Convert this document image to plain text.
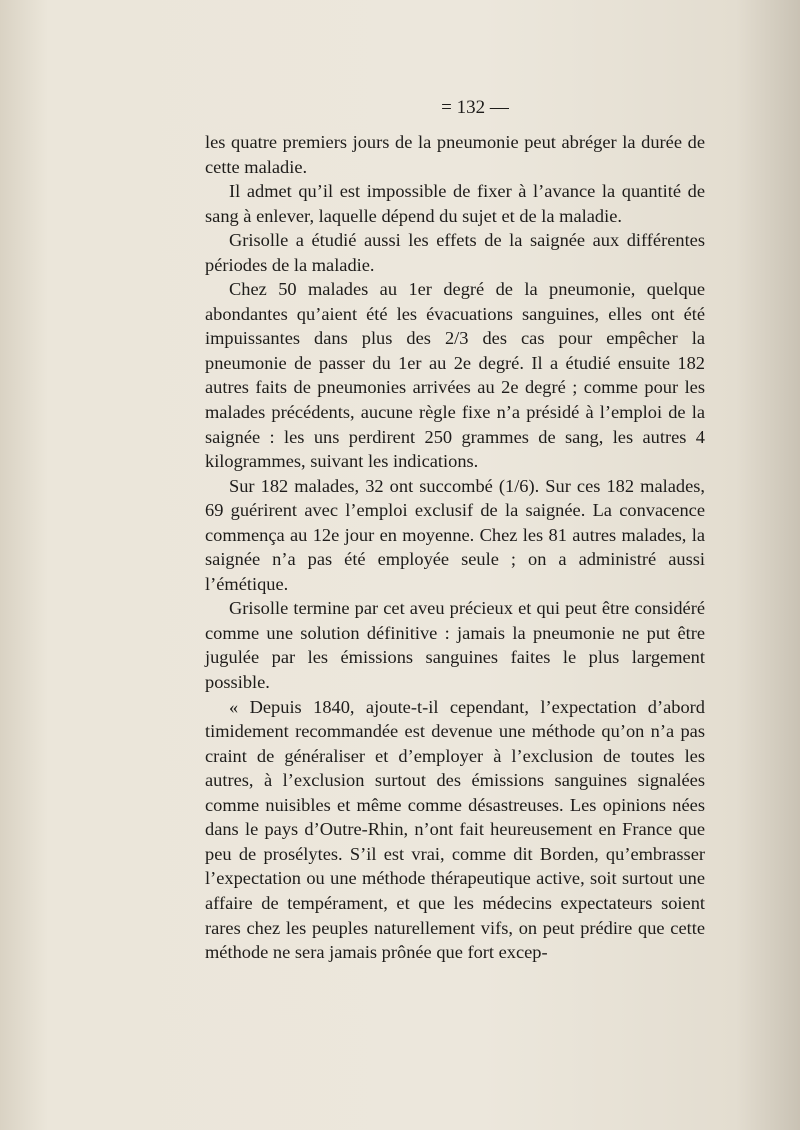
= 132 —

les quatre premiers jours de la pneumonie peut abréger la durée de cette maladie.

Il admet qu’il est impossible de fixer à l’avance la quantité de sang à enlever, laquelle dépend du sujet et de la maladie.

Grisolle a étudié aussi les effets de la saignée aux différentes périodes de la maladie.

Chez 50 malades au 1er degré de la pneumonie, quelque abondantes qu’aient été les évacuations sanguines, elles ont été impuissantes dans plus des 2/3 des cas pour empêcher la pneumonie de passer du 1er au 2e degré. Il a étudié ensuite 182 autres faits de pneumonies arrivées au 2e degré ; comme pour les malades précédents, aucune règle fixe n’a présidé à l’emploi de la saignée : les uns perdirent 250 grammes de sang, les autres 4 kilogrammes, suivant les indications.

Sur 182 malades, 32 ont succombé (1/6). Sur ces 182 malades, 69 guérirent avec l’emploi exclusif de la saignée. La convacence commença au 12e jour en moyenne. Chez les 81 autres malades, la saignée n’a pas été employée seule ; on a administré aussi l’émétique.

Grisolle termine par cet aveu précieux et qui peut être considéré comme une solution définitive : jamais la pneumonie ne put être jugulée par les émissions sanguines faites le plus largement possible.

« Depuis 1840, ajoute-t-il cependant, l’expectation d’abord timidement recommandée est devenue une méthode qu’on n’a pas craint de généraliser et d’employer à l’exclusion de toutes les autres, à l’exclusion surtout des émissions sanguines signalées comme nuisibles et même comme désastreuses. Les opinions nées dans le pays d’Outre-Rhin, n’ont fait heureusement en France que peu de prosélytes. S’il est vrai, comme dit Borden, qu’embrasser l’expectation ou une méthode thérapeutique active, soit surtout une affaire de tempérament, et que les médecins expectateurs soient rares chez les peuples naturellement vifs, on peut prédire que cette méthode ne sera jamais prônée que fort excep-
